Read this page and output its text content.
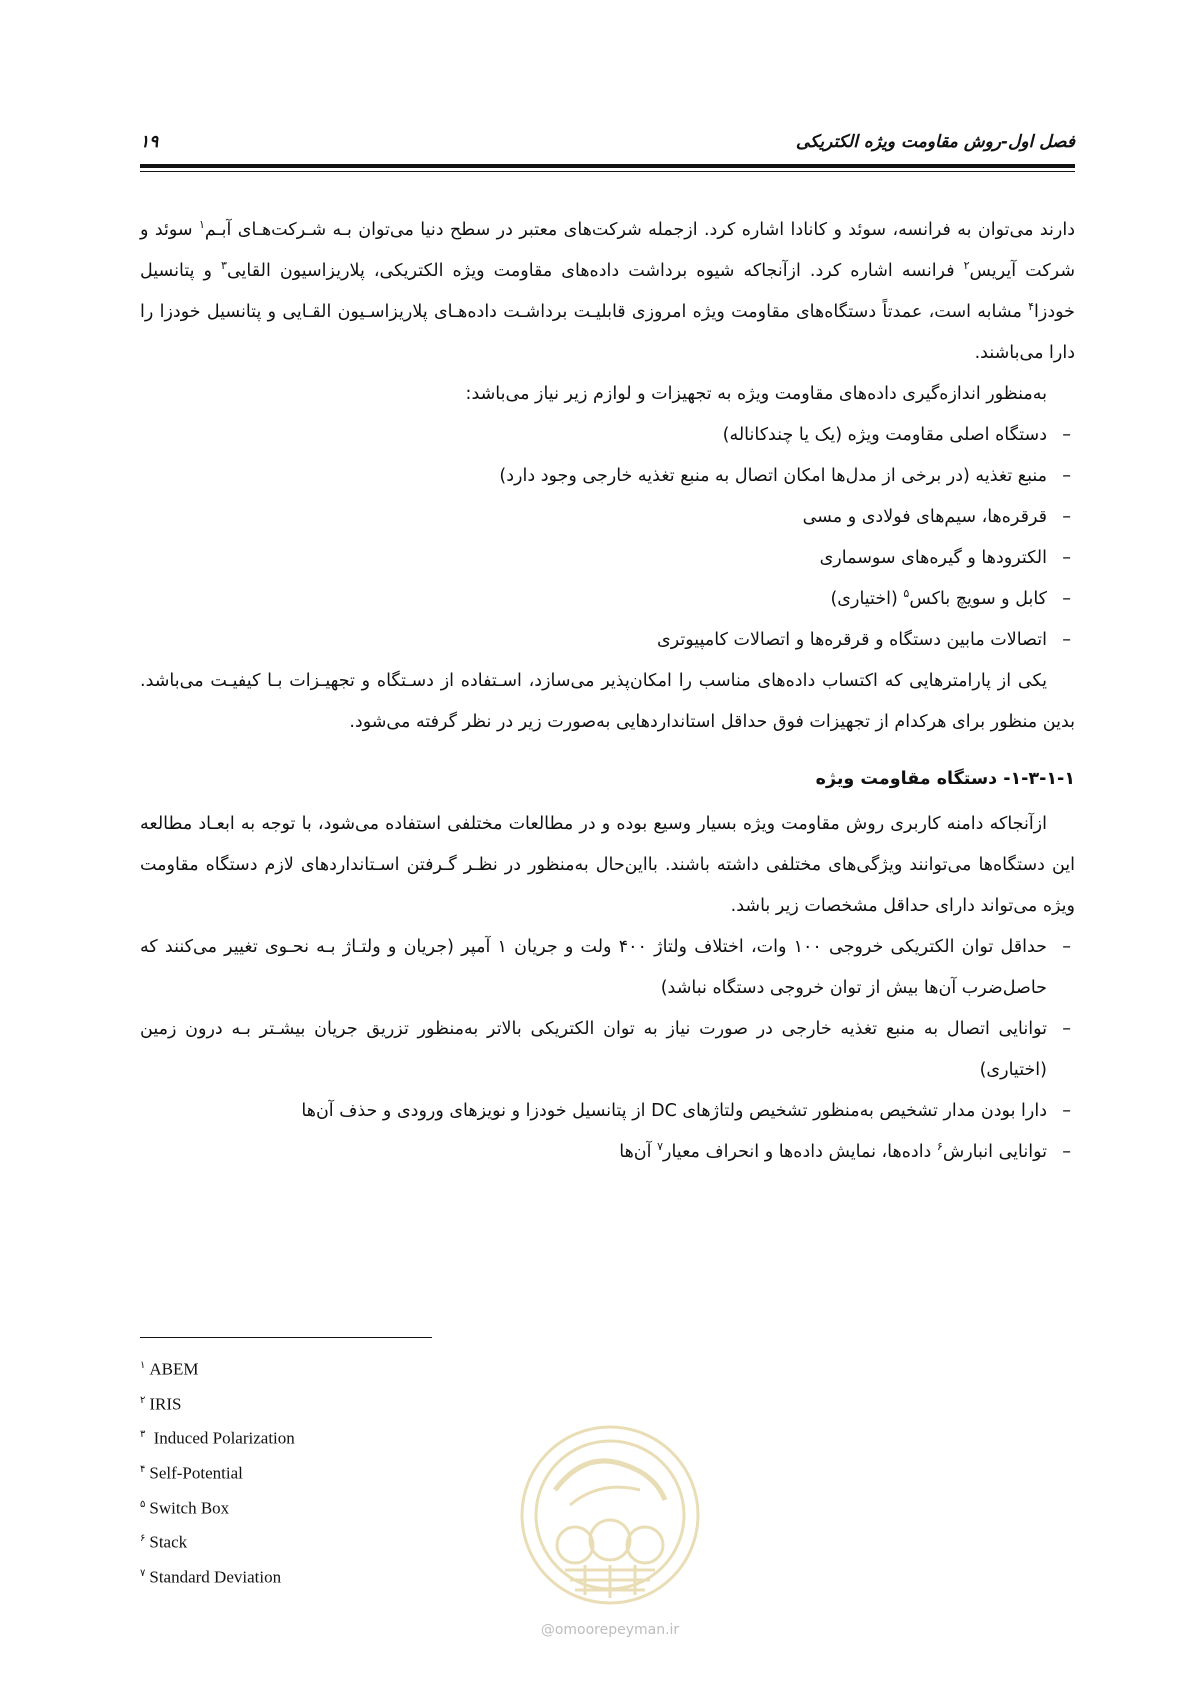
فصل اول-روش مقاومت ویژه الکتریکی
۱۹

دارند می‌توان به فرانسه، سوئد و کانادا اشاره کرد. ازجمله شرکت‌های معتبر در سطح دنیا می‌توان بـه شـرکت‌هـای آبـم$^۱$ سوئد و شرکت آیریس$^۲$ فرانسه اشاره کرد. ازآنجاکه شیوه برداشت داده‌های مقاومت ویژه الکتریکی، پلاریزاسیون القایی$^۳$ و پتانسیل خودزا$^۴$ مشابه است، عمدتاً دستگاه‌های مقاومت ویژه امروزی قابلیـت برداشـت داده‌هـای پلاریزاسـیون القـایی و پتانسیل خودزا را دارا می‌باشند.

به‌منظور اندازه‌گیری داده‌های مقاومت ویژه به تجهیزات و لوازم زیر نیاز می‌باشد:

–
دستگاه اصلی مقاومت ویژه (یک یا چندکاناله)
–
منبع تغذیه (در برخی از مدل‌ها امکان اتصال به منبع تغذیه خارجی وجود دارد)
–
قرقره‌ها، سیم‌های فولادی و مسی
–
الکترودها و گیره‌های سوسماری
–
کابل و سویچ باکس$^۵$ (اختیاری)
–
اتصالات مابین دستگاه و قرقره‌ها و اتصالات کامپیوتری

یکی از پارامترهایی که اکتساب داده‌های مناسب را امکان‌پذیر می‌سازد، اسـتفاده از دسـتگاه و تجهیـزات بـا کیفیـت می‌باشد. بدین منظور برای هرکدام از تجهیزات فوق حداقل استانداردهایی به‌صورت زیر در نظر گرفته می‌شود.

۱-۳-۱-۱- دستگاه مقاومت ویژه

ازآنجاکه دامنه کاربری روش مقاومت ویژه بسیار وسیع بوده و در مطالعات مختلفی استفاده می‌شود، با توجه به ابعـاد مطالعه این دستگاه‌ها می‌توانند ویژگی‌های مختلفی داشته باشند. بااین‌حال به‌منظور در نظـر گـرفتن اسـتانداردهای لازم دستگاه مقاومت ویژه می‌تواند دارای حداقل مشخصات زیر باشد.

–
حداقل توان الکتریکی خروجی ۱۰۰ وات، اختلاف ولتاژ ۴۰۰ ولت و جریان ۱ آمپر (جریان و ولتـاژ بـه نحـوی تغییر می‌کنند که حاصل‌ضرب آن‌ها بیش از توان خروجی دستگاه نباشد)
–
توانایی اتصال به منبع تغذیه خارجی در صورت نیاز به توان الکتریکی بالاتر به‌منظور تزریق جریان بیشـتر بـه درون زمین (اختیاری)
–
دارا بودن مدار تشخیص به‌منظور تشخیص ولتاژهای DC از پتانسیل خودزا و نویزهای ورودی و حذف آن‌ها
–
توانایی انبارش$^۶$ داده‌ها، نمایش داده‌ها و انحراف معیار$^۷$ آن‌ها
$^۱$ ABEM
$^۲$ IRIS
$^۳$ Induced Polarization
$^۴$ Self-Potential
$^۵$ Switch Box
$^۶$ Stack
$^۷$ Standard Deviation
@omoorepeyman.ir
